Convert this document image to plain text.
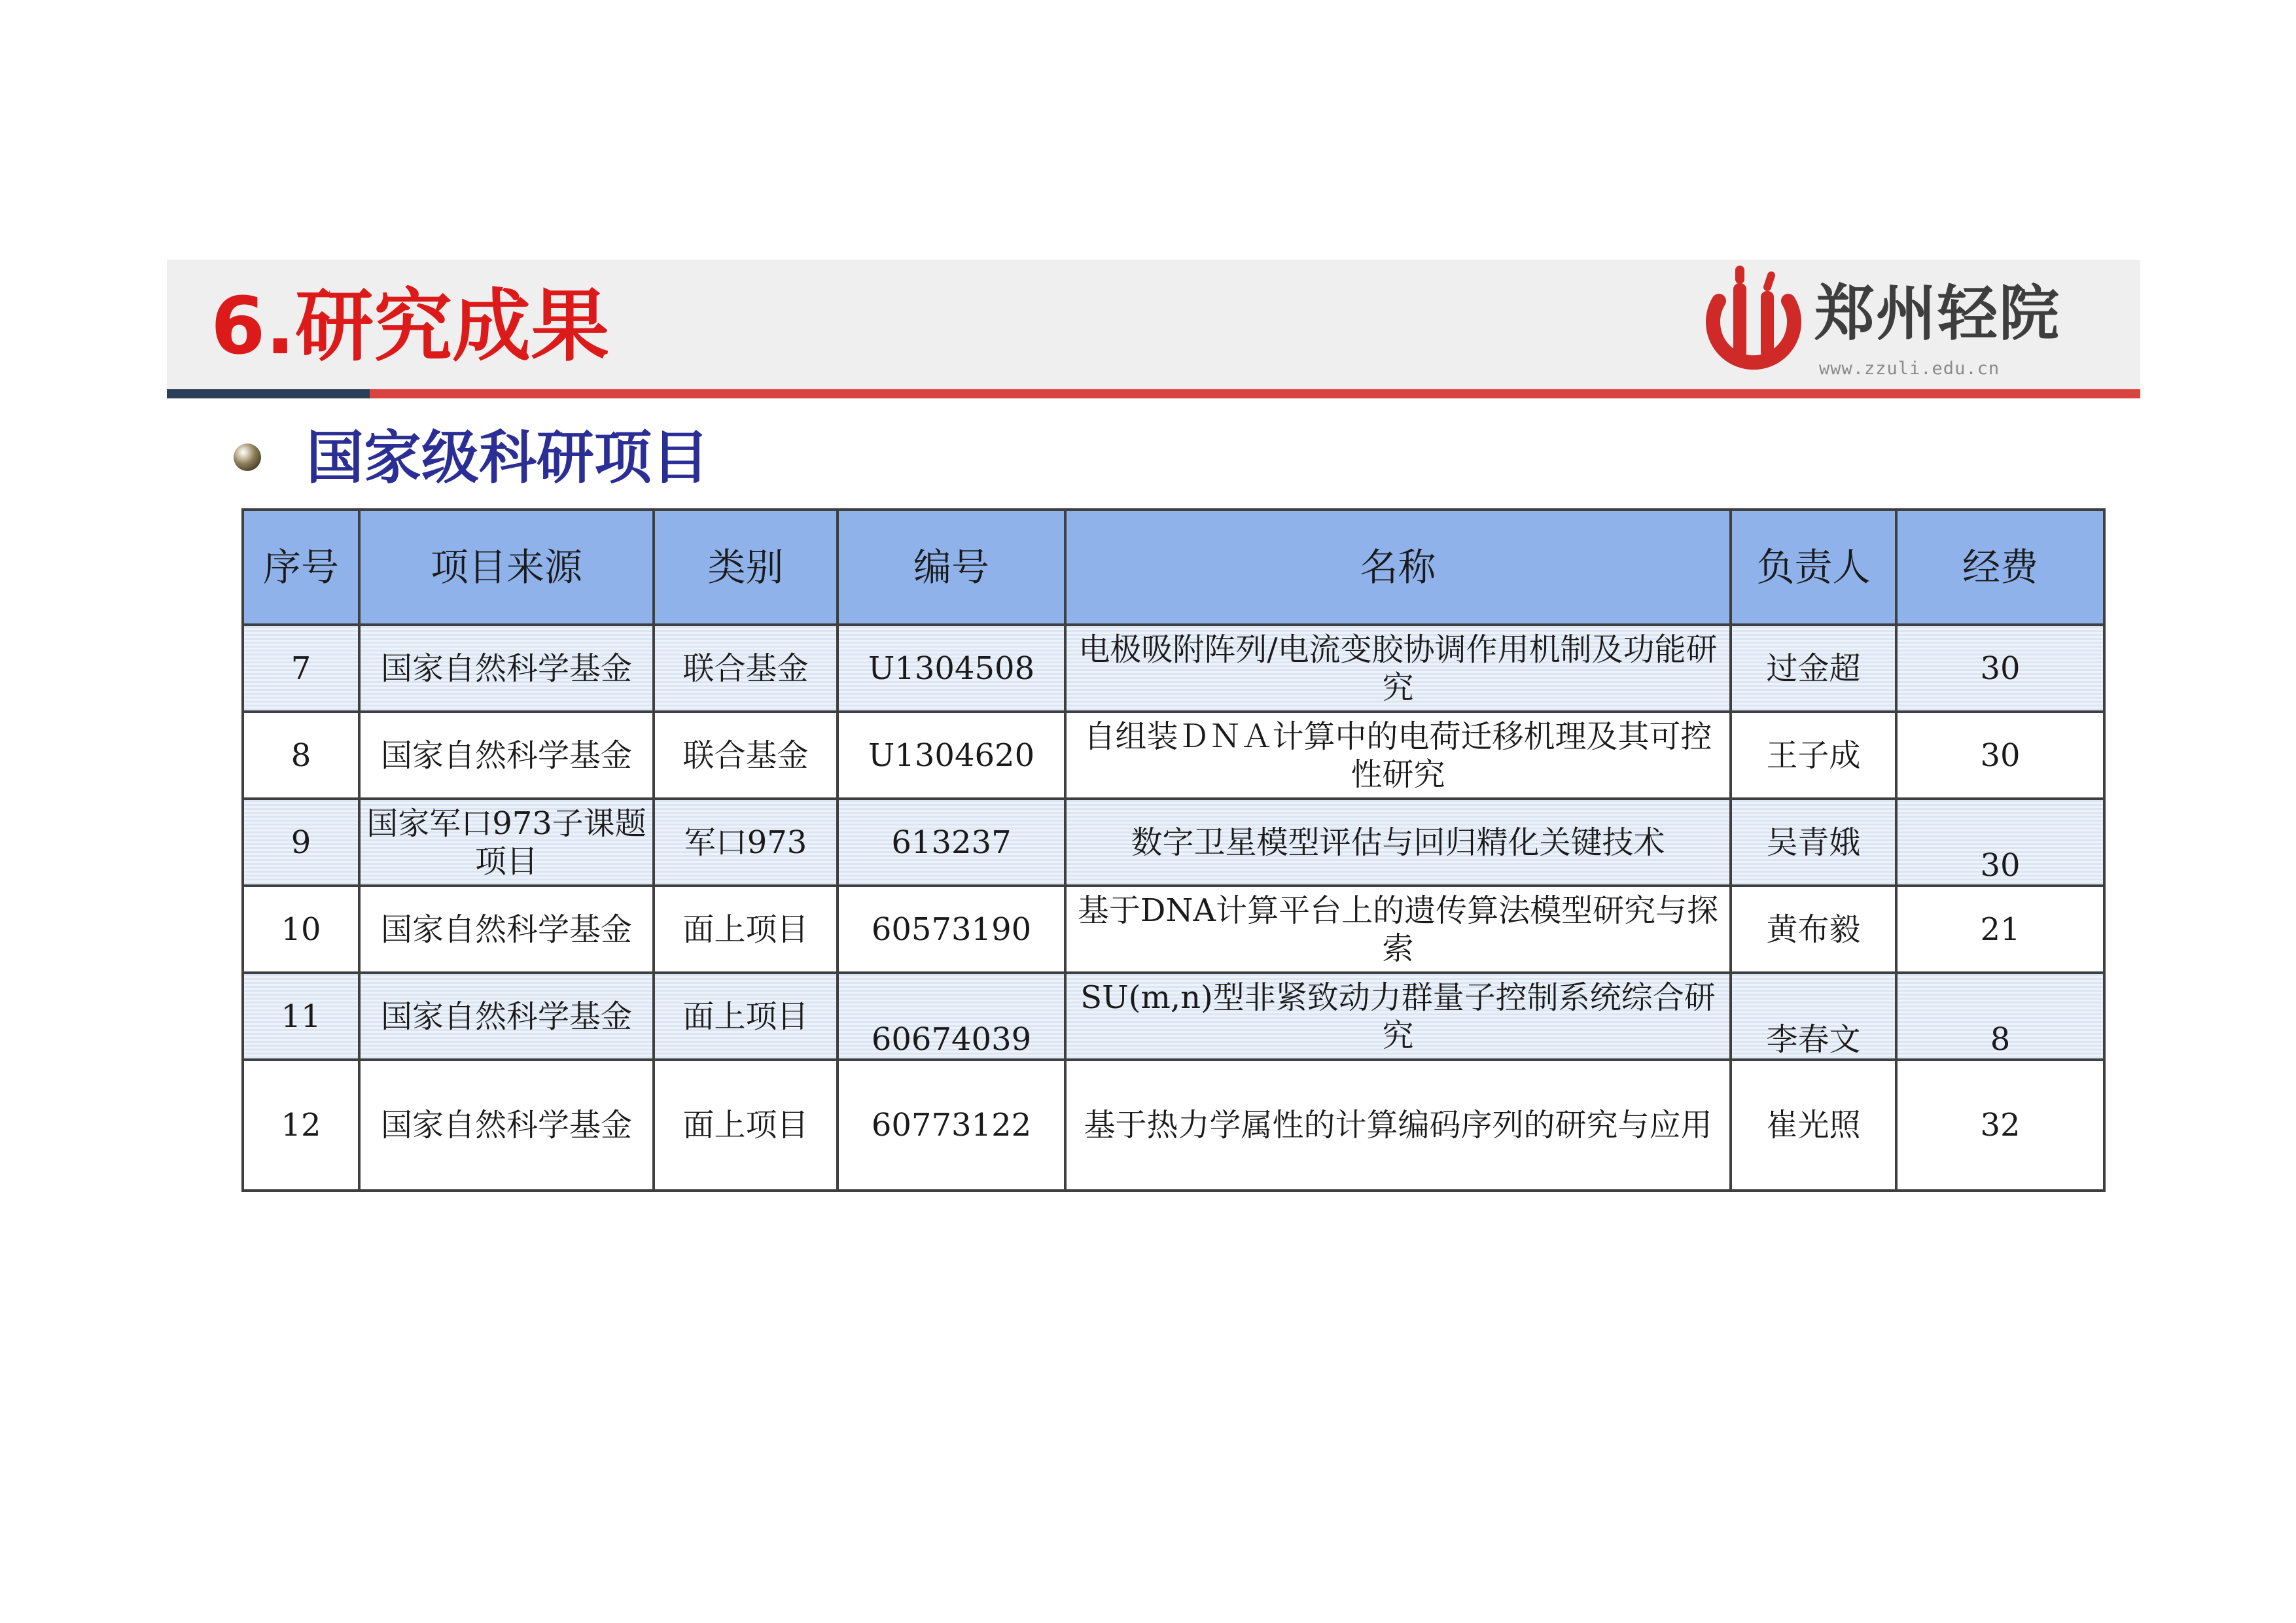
6.研究成果	郑州轻院
www.zzuli.edu.cn
国家级科研项目
序号	项目来源	类别	编号	名称	负责人	经费
7	国家自然科学基金	联合基金	U1304508	电极吸附阵列/电流变胶协调作用机制及功能研究	过金超	30
8	国家自然科学基金	联合基金	U1304620	自组装ＤＮＡ计算中的电荷迁移机理及其可控性研究	王子成	30
9	国家军口973子课题项目	军口973	613237	数字卫星模型评估与回归精化关键技术	吴青娥	30
10	国家自然科学基金	面上项目	60573190	基于DNA计算平台上的遗传算法模型研究与探索	黄布毅	21
11	国家自然科学基金	面上项目	60674039	SU(m,n)型非紧致动力群量子控制系统综合研究	李春文	8
12	国家自然科学基金	面上项目	60773122	基于热力学属性的计算编码序列的研究与应用	崔光照	32
